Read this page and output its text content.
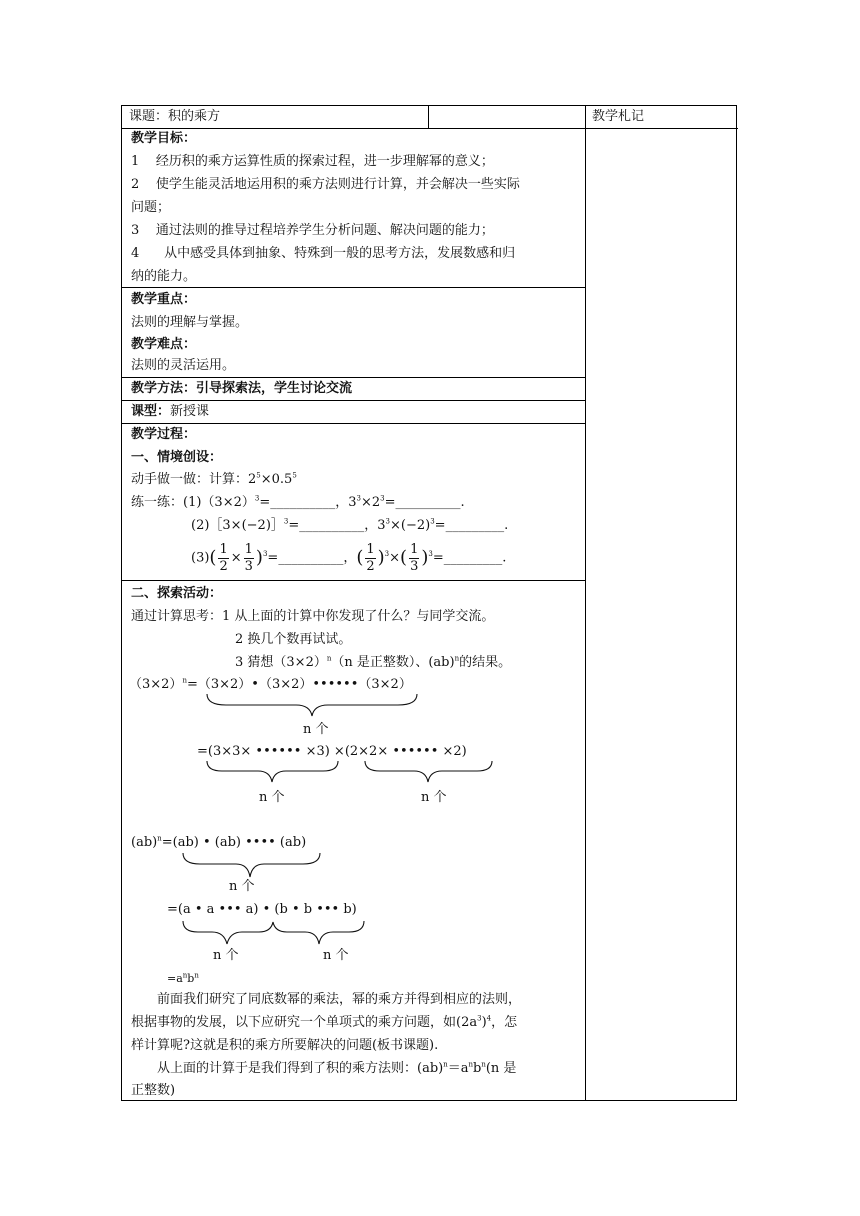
课题：积的乘方	教学札记
教学目标：
1 经历积的乘方运算性质的探索过程，进一步理解幂的意义；
2 使学生能灵活地运用积的乘方法则进行计算，并会解决一些实际
问题；
3 通过法则的推导过程培养学生分析问题、解决问题的能力；
4 从中感受具体到抽象、特殊到一般的思考方法，发展数感和归
纳的能力。
教学重点：
法则的理解与掌握。
教学难点：
法则的灵活运用。
教学方法：引导探索法，学生讨论交流
课型：新授课
教学过程：
一、情境创设：
动手做一做：计算：$2^5\times 0.5^5$
练一练：$(1)(3\times 2)^3=\_\_\_\_\_\_\_\_\_\_$，$3^3\times 2^3=\_\_\_\_\_\_\_\_\_\_$.
(2)［3×(−2)］$^3$=__________，$3^3\times(-2)^3=\_\_\_\_\_\_\_\_\_$.
$(3)( \frac{1}{2} \times \frac{1}{3}$ )$^3=\_\_\_\_\_\_\_\_\_\_$，( $\frac{1}{2} )^3\times( \frac{1}{3}$ )$^3=\_\_\_\_\_\_\_\_\_$.
二、探索活动：
通过计算思考：1 从上面的计算中你发现了什么？与同学交流。
2 换几个数再试试。
3 猜想$(3\times 2)^n(n$ 是正整数）、(ab)$^n$的结果。
$(3\times 2)^n=(3\times 2)•(3\times 2)••••••(3\times 2)$
n 个
=(3×3× •••••• ×3) ×(2×2× •••••• ×2)
n 个	n 个
(ab)$^n$=(ab) • (ab) •••• (ab)
n 个
=(a • a ••• a) • (b • b ••• b)
n 个	n 个
$=a^nb^n$
前面我们研究了同底数幂的乘法，幂的乘方并得到相应的法则，
根据事物的发展，以下应研究一个单项式的乘方问题，如$(2a^3)^4$，怎
样计算呢?这就是积的乘方所要解决的问题(板书课题).
从上面的计算于是我们得到了积的乘方法则：$(ab)^n=a^nb^n(n$ 是
正整数)
